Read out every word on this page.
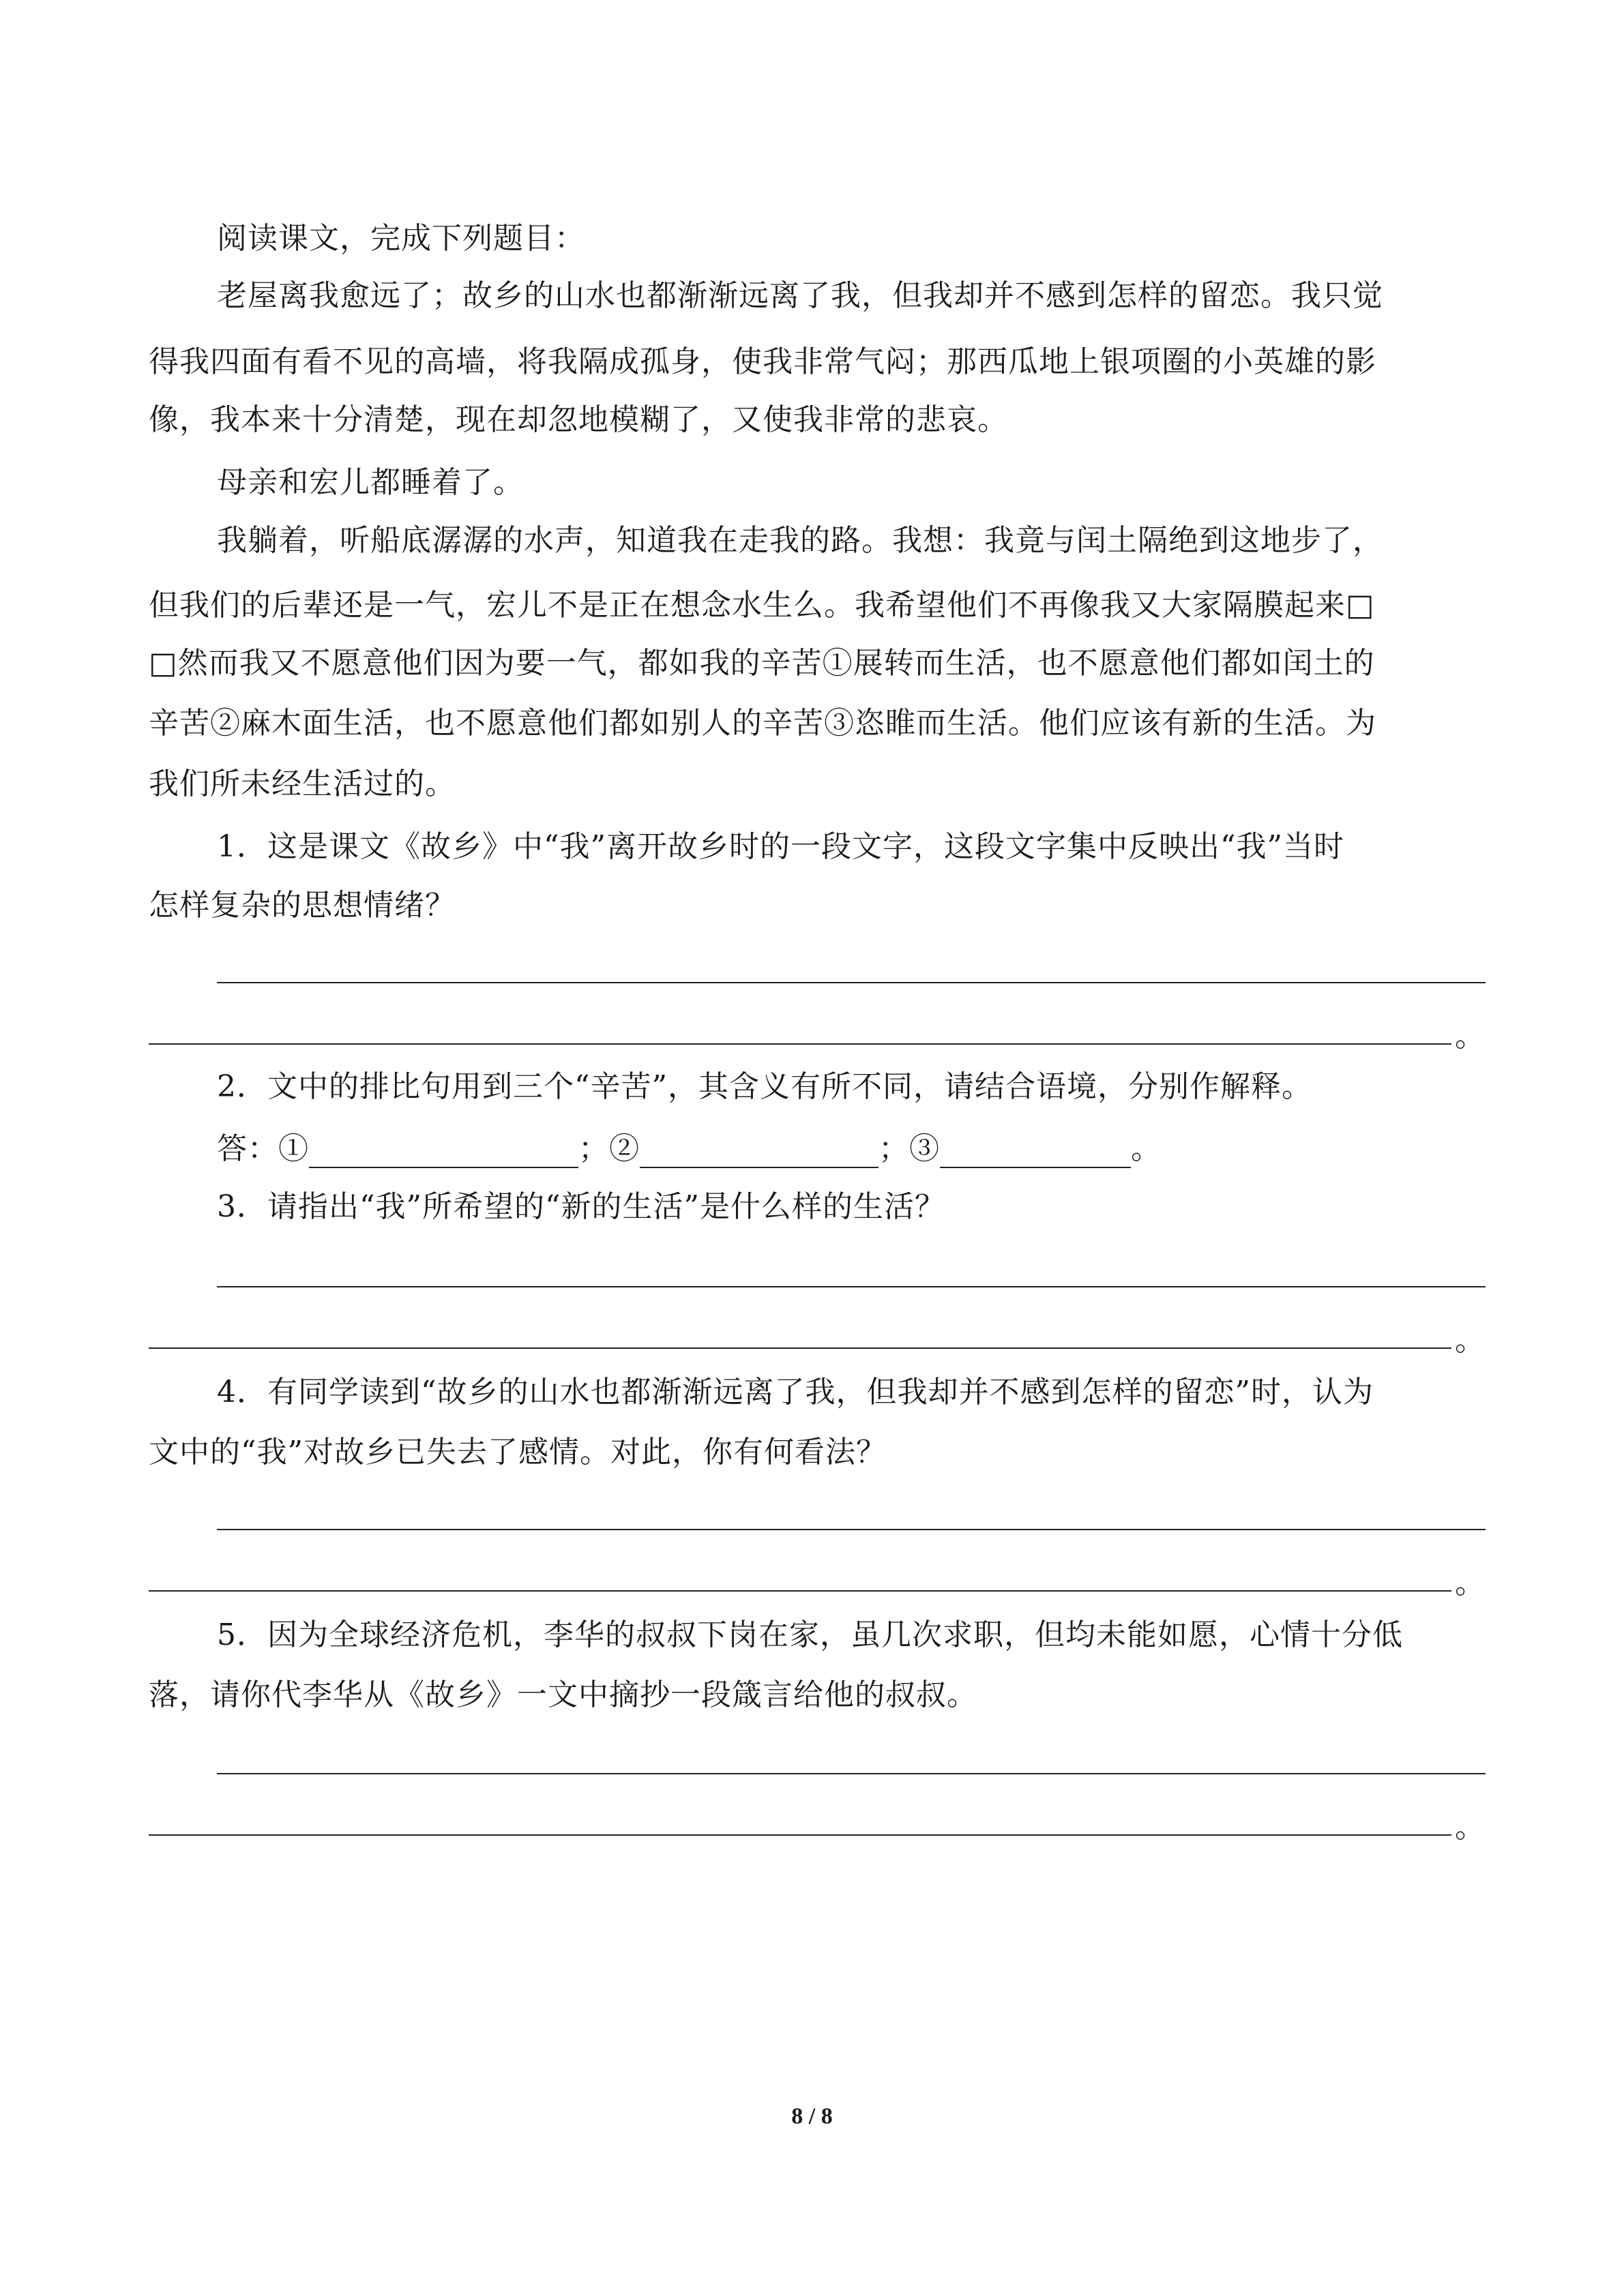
阅读课文，完成下列题目：
老屋离我愈远了；故乡的山水也都渐渐远离了我，但我却并不感到怎样的留恋。我只觉
得我四面有看不见的高墙，将我隔成孤身，使我非常气闷；那西瓜地上银项圈的小英雄的影
像，我本来十分清楚，现在却忽地模糊了，又使我非常的悲哀。
母亲和宏儿都睡着了。
我躺着，听船底潺潺的水声，知道我在走我的路。我想：我竟与闰土隔绝到这地步了，
但我们的后辈还是一气，宏儿不是正在想念水生么。我希望他们不再像我又大家隔膜起来□
□然而我又不愿意他们因为要一气，都如我的辛苦①展转而生活，也不愿意他们都如闰土的
辛苦②麻木面生活，也不愿意他们都如别人的辛苦③恣睢而生活。他们应该有新的生活。为
我们所未经生活过的。
1．这是课文《故乡》中“我”离开故乡时的一段文字，这段文字集中反映出“我”当时
怎样复杂的思想情绪？
。
2．文中的排比句用到三个“辛苦”，其含义有所不同，请结合语境，分别作解释。
答：①	；②	；③	。
3．请指出“我”所希望的“新的生活”是什么样的生活？
。
4．有同学读到“故乡的山水也都渐渐远离了我，但我却并不感到怎样的留恋”时，认为
文中的“我”对故乡已失去了感情。对此，你有何看法？
。
5．因为全球经济危机，李华的叔叔下岗在家，虽几次求职，但均未能如愿，心情十分低
落，请你代李华从《故乡》一文中摘抄一段箴言给他的叔叔。
。
8 / 8
